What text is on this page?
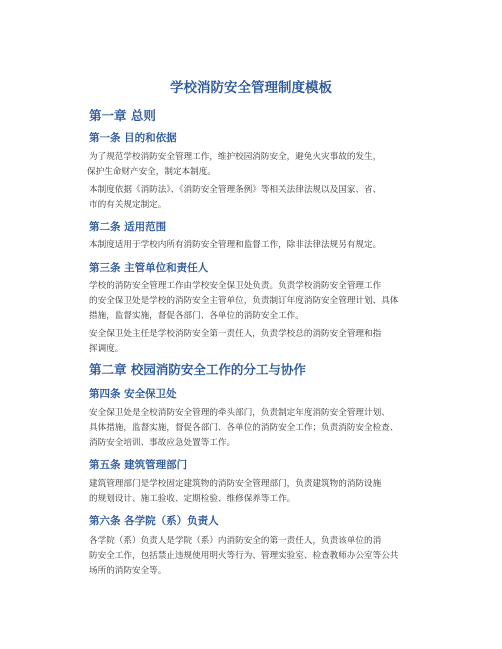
学校消防安全管理制度模板
第一章 总则
第一条 目的和依据
为了规范学校消防安全管理工作，维护校园消防安全，避免火灾事故的发生，
保护生命财产安全，制定本制度。
本制度依据《消防法》、《消防安全管理条例》等相关法律法规以及国家、省、
市的有关规定制定。
第二条 适用范围
本制度适用于学校内所有消防安全管理和监督工作，除非法律法规另有规定。
第三条 主管单位和责任人
学校的消防安全管理工作由学校安全保卫处负责。负责学校消防安全管理工作
的安全保卫处是学校的消防安全主管单位，负责制订年度消防安全管理计划、具体
措施，监督实施，督促各部门、各单位的消防安全工作。
安全保卫处主任是学校消防安全第一责任人，负责学校总的消防安全管理和指
挥调度。
第二章 校园消防安全工作的分工与协作
第四条 安全保卫处
安全保卫处是全校消防安全管理的牵头部门，负责制定年度消防安全管理计划、
具体措施，监督实施，督促各部门、各单位的消防安全工作；负责消防安全检查、
消防安全培训、事故应急处置等工作。
第五条 建筑管理部门
建筑管理部门是学校固定建筑物的消防安全管理部门，负责建筑物的消防设施
的规划设计、施工验收、定期检验、维修保养等工作。
第六条 各学院（系）负责人
各学院（系）负责人是学院（系）内消防安全的第一责任人，负责该单位的消
防安全工作，包括禁止违规使用明火等行为、管理实验室、检查教师办公室等公共
场所的消防安全等。
